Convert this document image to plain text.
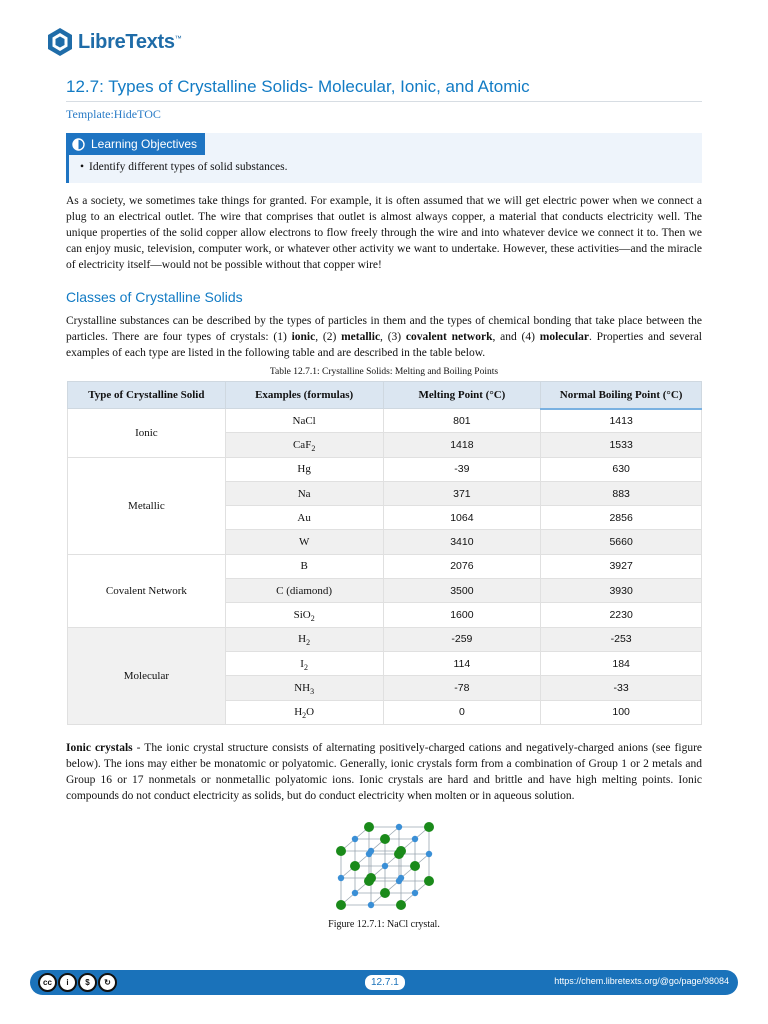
LibreTexts™
12.7: Types of Crystalline Solids- Molecular, Ionic, and Atomic
Template:HideTOC
Learning Objectives
• Identify different types of solid substances.

As a society, we sometimes take things for granted. For example, it is often assumed that we will get electric power when we connect a plug to an electrical outlet. The wire that comprises that outlet is almost always copper, a material that conducts electricity well. The unique properties of the solid copper allow electrons to flow freely through the wire and into whatever device we connect it to. Then we can enjoy music, television, computer work, or whatever other activity we want to undertake. However, these activities—and the miracle of electricity itself—would not be possible without that copper wire!

Classes of Crystalline Solids

Crystalline substances can be described by the types of particles in them and the types of chemical bonding that take place between the particles. There are four types of crystals: (1) ionic, (2) metallic, (3) covalent network, and (4) molecular. Properties and several examples of each type are listed in the following table and are described in the table below.

Table 12.7.1: Crystalline Solids: Melting and Boiling Points
Type of Crystalline Solid	Examples (formulas)	Melting Point (°C)	Normal Boiling Point (°C)
Ionic	NaCl	801	1413
	CaF$_2$	1418	1533
Metallic	Hg	-39	630
	Na	371	883
	Au	1064	2856
	W	3410	5660
Covalent Network	B	2076	3927
	C (diamond)	3500	3930
	SiO$_2$	1600	2230
Molecular	$H_2$	-259	-253
	$I_2$	114	184
	$NH_3$	-78	-33
	$H_2O$	0	100

Ionic crystals - The ionic crystal structure consists of alternating positively-charged cations and negatively-charged anions (see figure below). The ions may either be monatomic or polyatomic. Generally, ionic crystals form from a combination of Group 1 or 2 metals and Group 16 or 17 nonmetals or nonmetallic polyatomic ions. Ionic crystals are hard and brittle and have high melting points. Ionic compounds do not conduct electricity as solids, but do conduct electricity when molten or in aqueous solution.

Figure 12.7.1: NaCl crystal.
cc	i	$	↻	12.7.1	https://chem.libretexts.org/@go/page/98084
